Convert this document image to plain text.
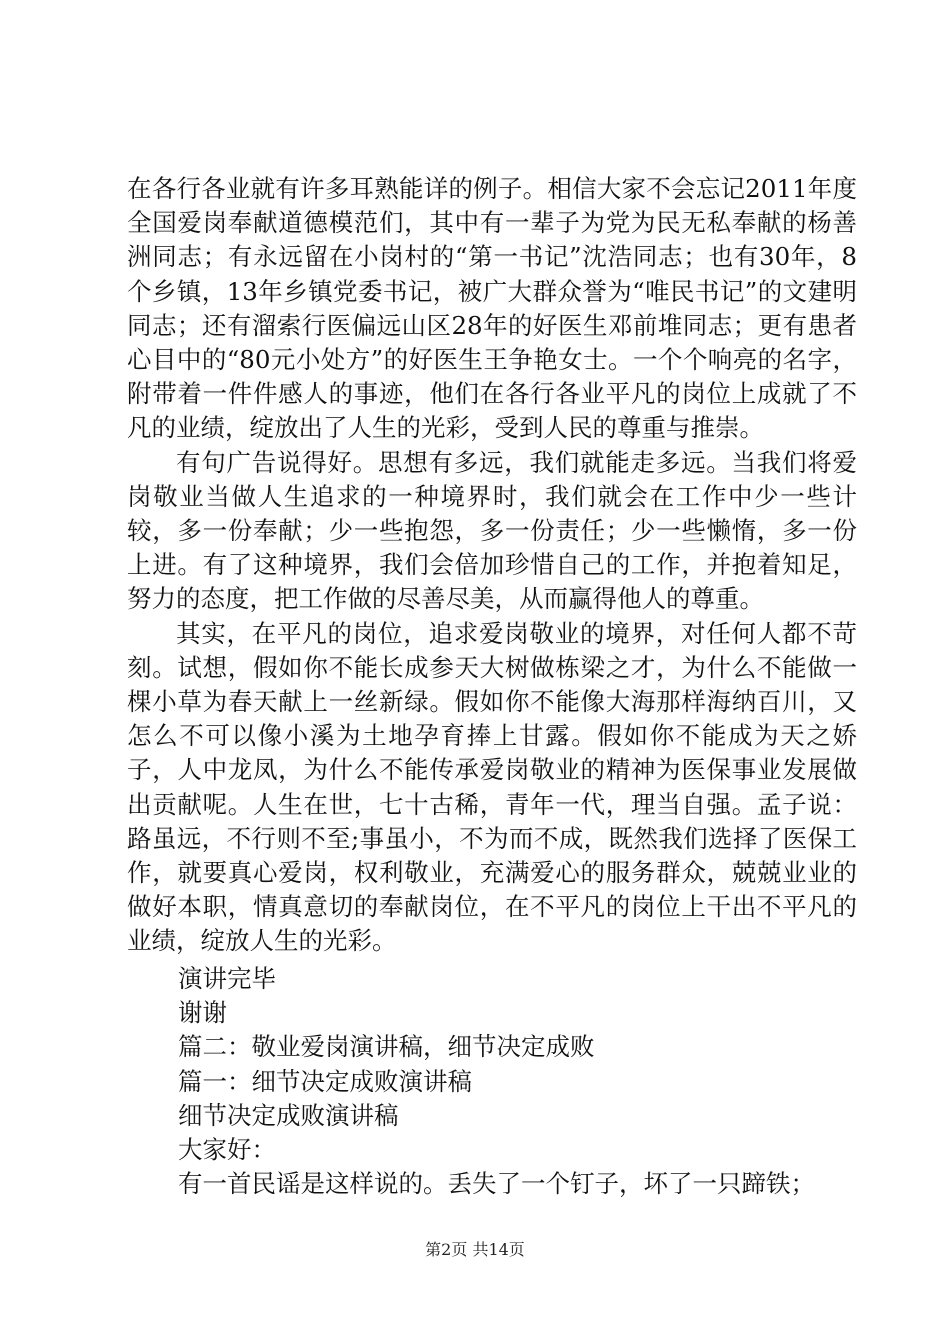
在各行各业就有许多耳熟能详的例子。相信大家不会忘记2011年度全国爱岗奉献道德模范们，其中有一辈子为党为民无私奉献的杨善洲同志；有永远留在小岗村的“第一书记”沈浩同志；也有30年，8个乡镇，13年乡镇党委书记，被广大群众誉为“唯民书记”的文建明同志；还有溜索行医偏远山区28年的好医生邓前堆同志；更有患者心目中的“80元小处方”的好医生王争艳女士。一个个响亮的名字，附带着一件件感人的事迹，他们在各行各业平凡的岗位上成就了不凡的业绩，绽放出了人生的光彩，受到人民的尊重与推崇。

有句广告说得好。思想有多远，我们就能走多远。当我们将爱岗敬业当做人生追求的一种境界时，我们就会在工作中少一些计较，多一份奉献；少一些抱怨，多一份责任；少一些懒惰，多一份上进。有了这种境界，我们会倍加珍惜自己的工作，并抱着知足，努力的态度，把工作做的尽善尽美，从而赢得他人的尊重。

其实，在平凡的岗位，追求爱岗敬业的境界，对任何人都不苛刻。试想，假如你不能长成参天大树做栋梁之才，为什么不能做一棵小草为春天献上一丝新绿。假如你不能像大海那样海纳百川，又怎么不可以像小溪为土地孕育捧上甘露。假如你不能成为天之娇子，人中龙凤，为什么不能传承爱岗敬业的精神为医保事业发展做出贡献呢。人生在世，七十古稀，青年一代，理当自强。孟子说：路虽远，不行则不至;事虽小，不为而不成，既然我们选择了医保工作，就要真心爱岗，权利敬业，充满爱心的服务群众，兢兢业业的做好本职，情真意切的奉献岗位，在不平凡的岗位上干出不平凡的业绩，绽放人生的光彩。

演讲完毕
谢谢
篇二：敬业爱岗演讲稿，细节决定成败
篇一：细节决定成败演讲稿
细节决定成败演讲稿
大家好：
有一首民谣是这样说的。丢失了一个钉子，坏了一只蹄铁；
第2页 共14页
